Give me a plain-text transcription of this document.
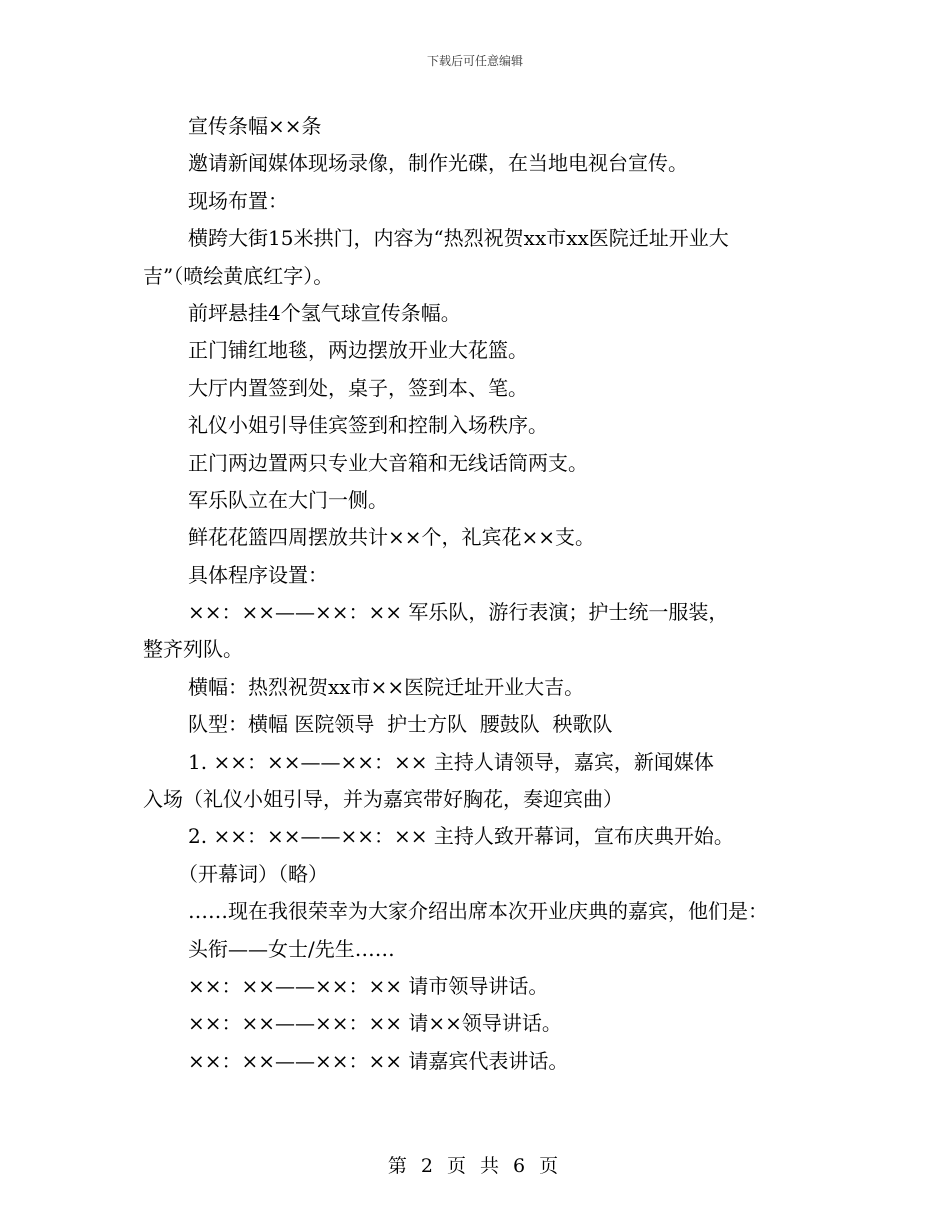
下载后可任意编辑
宣传条幅××条
邀请新闻媒体现场录像，制作光碟，在当地电视台宣传。
现场布置：
横跨大街15米拱门，内容为“热烈祝贺xx市xx医院迁址开业大
吉”（喷绘黄底红字）。
前坪悬挂4个氢气球宣传条幅。
正门铺红地毯，两边摆放开业大花篮。
大厅内置签到处，桌子，签到本、笔。
礼仪小姐引导佳宾签到和控制入场秩序。
正门两边置两只专业大音箱和无线话筒两支。
军乐队立在大门一侧。
鲜花花篮四周摆放共计××个，礼宾花××支。
具体程序设置：
××：××——××：×× 军乐队，游行表演；护士统一服装，
整齐列队。
横幅：热烈祝贺xx市××医院迁址开业大吉。
队型：横幅 医院领导  护士方队  腰鼓队  秧歌队
1. ××：××——××：×× 主持人请领导，嘉宾，新闻媒体
入场（礼仪小姐引导，并为嘉宾带好胸花，奏迎宾曲）
2. ××：××——××：×× 主持人致开幕词，宣布庆典开始。
（开幕词）（略）
……现在我很荣幸为大家介绍出席本次开业庆典的嘉宾，他们是：
头衔——女士/先生……
××：××——××：×× 请市领导讲话。
××：××——××：×× 请××领导讲话。
××：××——××：×× 请嘉宾代表讲话。
第 2 页 共 6 页
